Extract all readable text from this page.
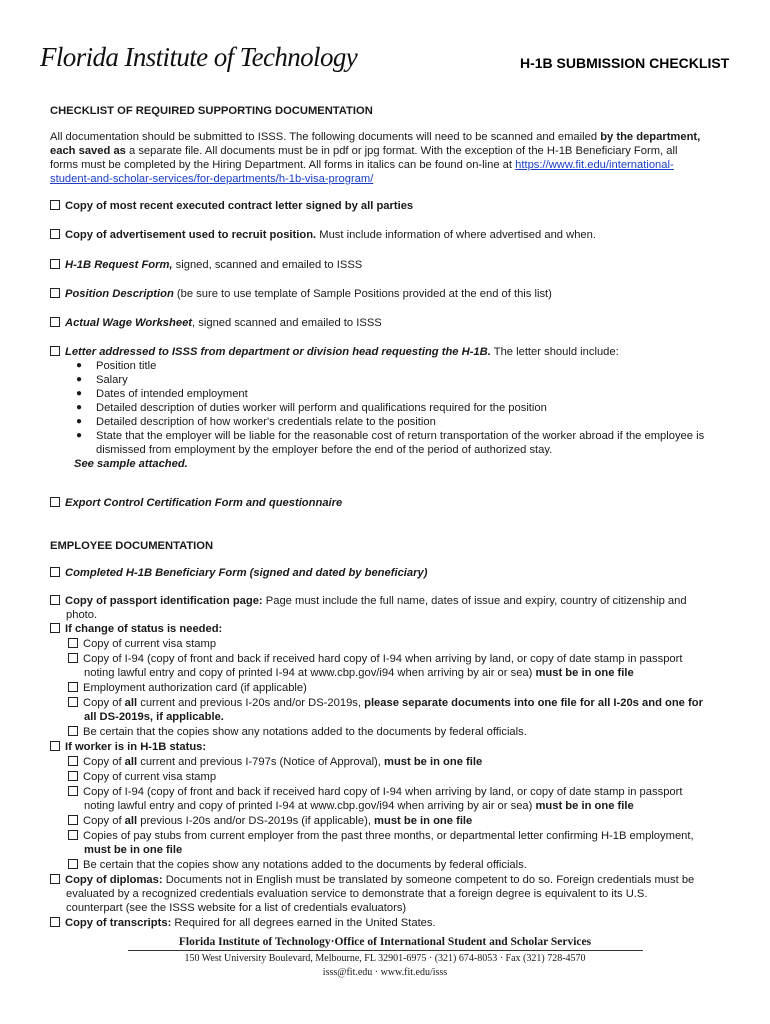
Florida Institute of Technology	H-1B SUBMISSION CHECKLIST
CHECKLIST OF REQUIRED SUPPORTING DOCUMENTATION
All documentation should be submitted to ISSS. The following documents will need to be scanned and emailed by the department,
each saved as a separate file. All documents must be in pdf or jpg format. With the exception of the H-1B Beneficiary Form, all
forms must be completed by the Hiring Department. All forms in italics can be found on-line at https://www.fit.edu/international-
student-and-scholar-services/for-departments/h-1b-visa-program/
Copy of most recent executed contract letter signed by all parties
Copy of advertisement used to recruit position. Must include information of where advertised and when.
H-1B Request Form, signed, scanned and emailed to ISSS
Position Description (be sure to use template of Sample Positions provided at the end of this list)
Actual Wage Worksheet, signed scanned and emailed to ISSS
Letter addressed to ISSS from department or division head requesting the H-1B. The letter should include:
● Position title
● Salary
● Dates of intended employment
● Detailed description of duties worker will perform and qualifications required for the position
● Detailed description of how worker's credentials relate to the position
● State that the employer will be liable for the reasonable cost of return transportation of the worker abroad if the employee is
dismissed from employment by the employer before the end of the period of authorized stay.
See sample attached.
Export Control Certification Form and questionnaire
EMPLOYEE DOCUMENTATION
Completed H-1B Beneficiary Form (signed and dated by beneficiary)
Copy of passport identification page: Page must include the full name, dates of issue and expiry, country of citizenship and
photo.
If change of status is needed:
Copy of current visa stamp
Copy of I-94 (copy of front and back if received hard copy of I-94 when arriving by land, or copy of date stamp in passport
noting lawful entry and copy of printed I-94 at www.cbp.gov/i94 when arriving by air or sea) must be in one file
Employment authorization card (if applicable)
Copy of all current and previous I-20s and/or DS-2019s, please separate documents into one file for all I-20s and one for
all DS-2019s, if applicable.
Be certain that the copies show any notations added to the documents by federal officials.
If worker is in H-1B status:
Copy of all current and previous I-797s (Notice of Approval), must be in one file
Copy of current visa stamp
Copy of I-94 (copy of front and back if received hard copy of I-94 when arriving by land, or copy of date stamp in passport
noting lawful entry and copy of printed I-94 at www.cbp.gov/i94 when arriving by air or sea) must be in one file
Copy of all previous I-20s and/or DS-2019s (if applicable), must be in one file
Copies of pay stubs from current employer from the past three months, or departmental letter confirming H-1B employment,
must be in one file
Be certain that the copies show any notations added to the documents by federal officials.
Copy of diplomas: Documents not in English must be translated by someone competent to do so. Foreign credentials must be
evaluated by a recognized credentials evaluation service to demonstrate that a foreign degree is equivalent to its U.S.
counterpart (see the ISSS website for a list of credentials evaluators)
Copy of transcripts: Required for all degrees earned in the United States.
Florida Institute of Technology·Office of International Student and Scholar Services
150 West University Boulevard, Melbourne, FL 32901-6975 · (321) 674-8053 · Fax (321) 728-4570
isss@fit.edu · www.fit.edu/isss
